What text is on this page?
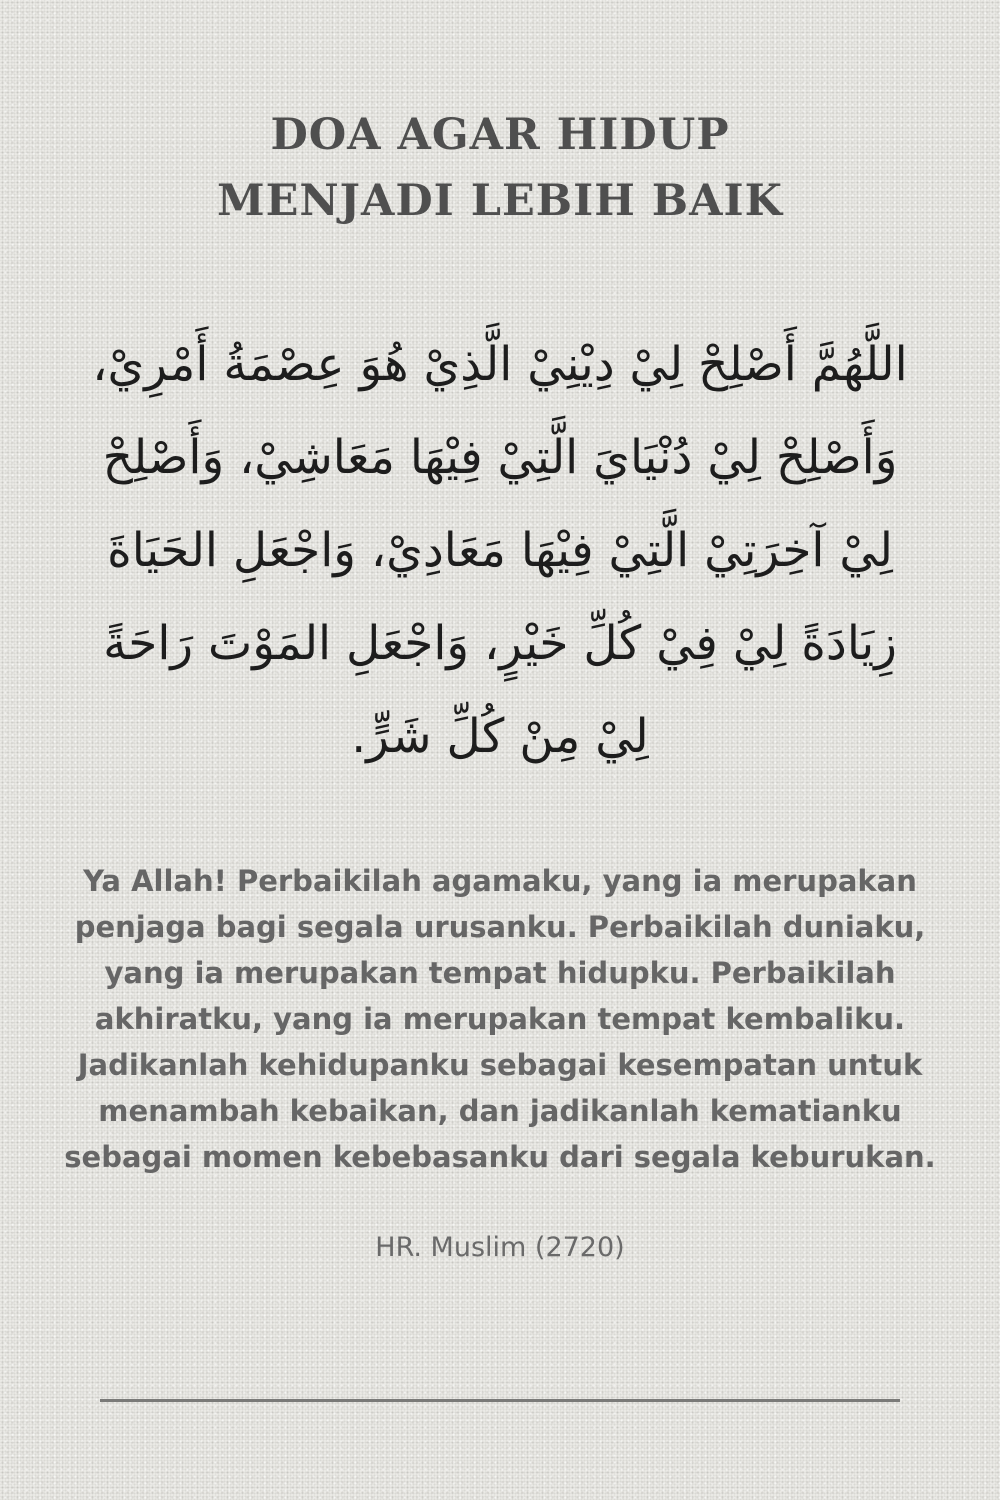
DOA AGAR HIDUP
MENJADI LEBIH BAIK
اللَّهُمَّ أَصْلِحْ لِيْ دِيْنِيْ الَّذِيْ هُوَ عِصْمَةُ أَمْرِيْ، وَأَصْلِحْ لِيْ دُنْيَايَ الَّتِيْ فِيْهَا مَعَاشِيْ، وَأَصْلِحْ لِيْ آخِرَتِيْ الَّتِيْ فِيْهَا مَعَادِيْ، وَاجْعَلِ الحَيَاةَ زِيَادَةً لِيْ فِيْ كُلِّ خَيْرٍ، وَاجْعَلِ المَوْتَ رَاحَةً لِيْ مِنْ كُلِّ شَرٍّ.
Ya Allah! Perbaikilah agamaku, yang ia merupakan
penjaga bagi segala urusanku. Perbaikilah duniaku,
yang ia merupakan tempat hidupku. Perbaikilah
akhiratku, yang ia merupakan tempat kembaliku.
Jadikanlah kehidupanku sebagai kesempatan untuk
menambah kebaikan, dan jadikanlah kematianku
sebagai momen kebebasanku dari segala keburukan.
HR. Muslim (2720)
